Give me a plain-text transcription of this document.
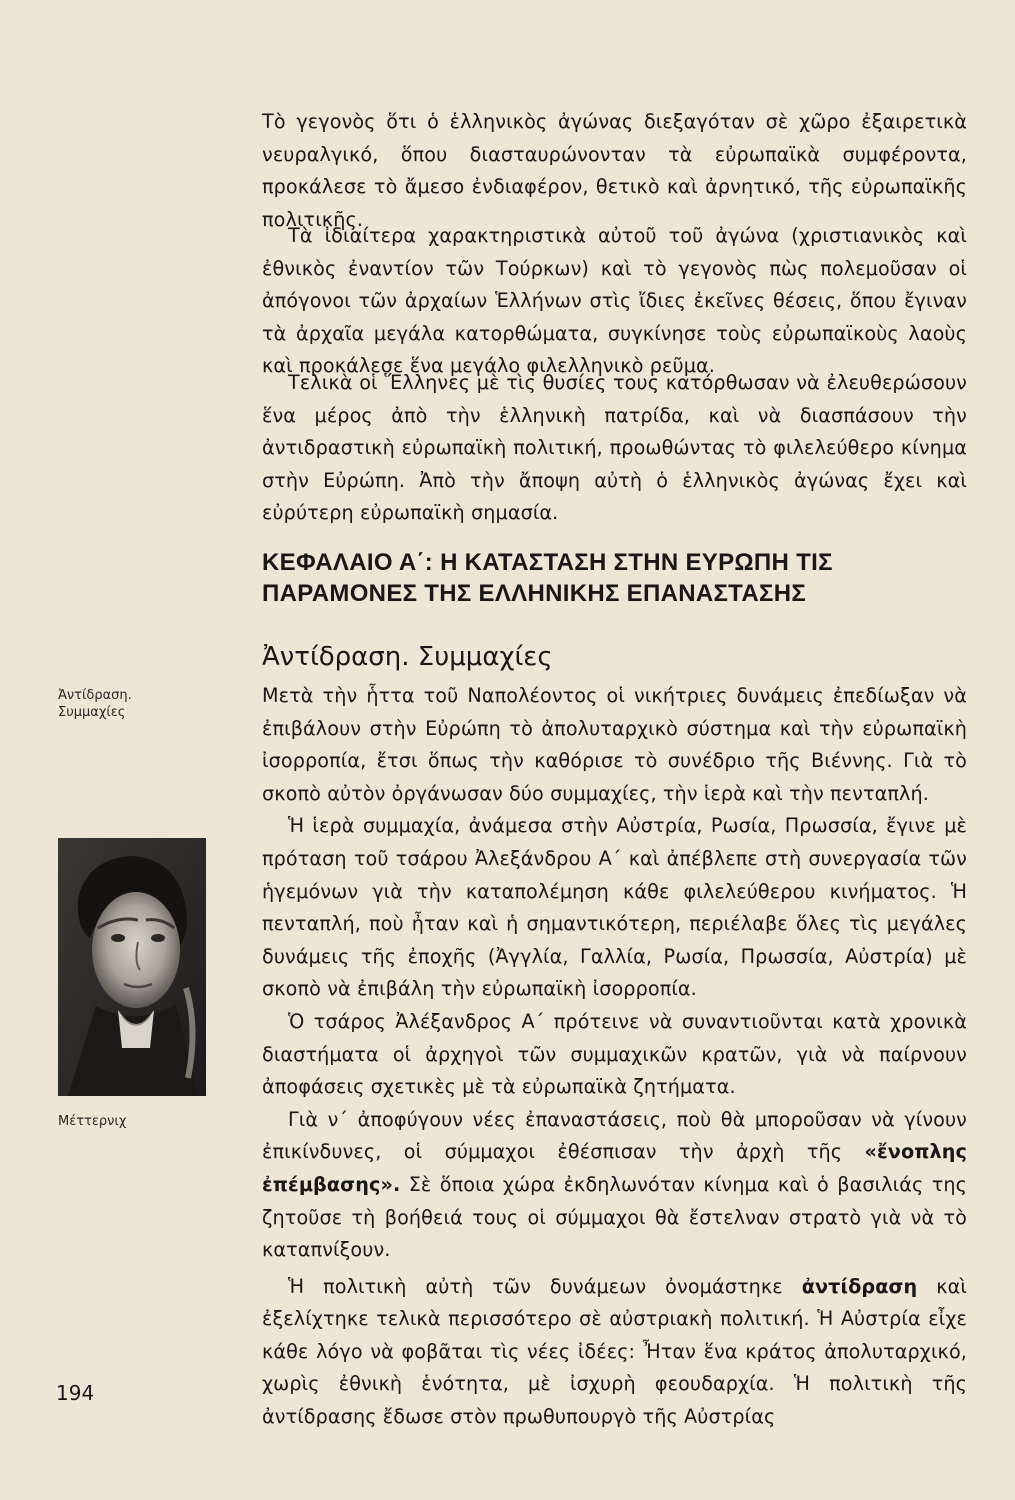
Τὸ γεγονὸς ὅτι ὁ ἑλληνικὸς ἀγώνας διεξαγόταν σὲ χῶρο ἐξαιρετικὰ νευραλγικό, ὅπου διασταυρώνονταν τὰ εὐρωπαϊκὰ συμφέροντα, προκάλεσε τὸ ἄμεσο ἐνδιαφέρον, θετικὸ καὶ ἀρνητικό, τῆς εὐρωπαϊκῆς πολιτικῆς.

Τὰ ἰδιαίτερα χαρακτηριστικὰ αὐτοῦ τοῦ ἀγώνα (χριστιανικὸς καὶ ἐθνικὸς ἐναντίον τῶν Τούρκων) καὶ τὸ γεγονὸς πὼς πολεμοῦσαν οἱ ἀπόγονοι τῶν ἀρχαίων Ἑλλήνων στὶς ἴδιες ἐκεῖνες θέσεις, ὅπου ἔγιναν τὰ ἀρχαῖα μεγάλα κατορθώματα, συγκίνησε τοὺς εὐρωπαϊκοὺς λαοὺς καὶ προκάλεσε ἕνα μεγάλο φιλελληνικὸ ρεῦμα.

Τελικὰ οἱ Ἕλληνες μὲ τὶς θυσίες τους κατόρθωσαν νὰ ἐλευθερώσουν ἕνα μέρος ἀπὸ τὴν ἑλληνικὴ πατρίδα, καὶ νὰ διασπάσουν τὴν ἀντιδραστικὴ εὐρωπαϊκὴ πολιτική, προωθώντας τὸ φιλελεύθερο κίνημα στὴν Εὐρώπη. Ἀπὸ τὴν ἄποψη αὐτὴ ὁ ἑλληνικὸς ἀγώνας ἔχει καὶ εὐρύτερη εὐρωπαϊκὴ σημασία.

ΚΕΦΑΛΑΙΟ Α΄: Η ΚΑΤΑΣΤΑΣΗ ΣΤΗΝ ΕΥΡΩΠΗ ΤΙΣ ΠΑΡΑΜΟΝΕΣ ΤΗΣ ΕΛΛΗΝΙΚΗΣ ΕΠΑΝΑΣΤΑΣΗΣ
Ἀντίδραση. Συμμαχίες

Μετὰ τὴν ἧττα τοῦ Ναπολέοντος οἱ νικήτριες δυνάμεις ἐπεδίωξαν νὰ ἐπιβάλουν στὴν Εὐρώπη τὸ ἀπολυταρχικὸ σύστημα καὶ τὴν εὐρωπαϊκὴ ἰσορροπία, ἔτσι ὅπως τὴν καθόρισε τὸ συνέδριο τῆς Βιέννης. Γιὰ τὸ σκοπὸ αὐτὸν ὀργάνωσαν δύο συμμαχίες, τὴν ἱερὰ καὶ τὴν πενταπλή.

Ἡ ἱερὰ συμμαχία, ἀνάμεσα στὴν Αὐστρία, Ρωσία, Πρωσσία, ἔγινε μὲ πρόταση τοῦ τσάρου Ἀλεξάνδρου Α΄ καὶ ἀπέβλεπε στὴ συνεργασία τῶν ἡγεμόνων γιὰ τὴν καταπολέμηση κάθε φιλελεύθερου κινήματος. Ἡ πενταπλή, ποὺ ἦταν καὶ ἡ σημαντικότερη, περιέλαβε ὅλες τὶς μεγάλες δυνάμεις τῆς ἐποχῆς (Ἀγγλία, Γαλλία, Ρωσία, Πρωσσία, Αὐστρία) μὲ σκοπὸ νὰ ἐπιβάλη τὴν εὐρωπαϊκὴ ἰσορροπία.

Ὁ τσάρος Ἀλέξανδρος Α΄ πρότεινε νὰ συναντιοῦνται κατὰ χρονικὰ διαστήματα οἱ ἀρχηγοὶ τῶν συμμαχικῶν κρατῶν, γιὰ νὰ παίρνουν ἀποφάσεις σχετικὲς μὲ τὰ εὐρωπαϊκὰ ζητήματα.

Γιὰ ν΄ ἀποφύγουν νέες ἐπαναστάσεις, ποὺ θὰ μποροῦσαν νὰ γίνουν ἐπικίνδυνες, οἱ σύμμαχοι ἐθέσπισαν τὴν ἀρχὴ τῆς «ἔνοπλης ἐπέμβασης». Σὲ ὅποια χώρα ἐκδηλωνόταν κίνημα καὶ ὁ βασιλιάς της ζητοῦσε τὴ βοήθειά τους οἱ σύμμαχοι θὰ ἔστελναν στρατὸ γιὰ νὰ τὸ καταπνίξουν.

Ἡ πολιτικὴ αὐτὴ τῶν δυνάμεων ὀνομάστηκε ἀντίδραση καὶ ἐξελίχτηκε τελικὰ περισσότερο σὲ αὐστριακὴ πολιτική. Ἡ Αὐστρία εἶχε κάθε λόγο νὰ φοβᾶται τὶς νέες ἰδέες: Ἦταν ἕνα κράτος ἀπολυταρχικό, χωρὶς ἐθνικὴ ἑνότητα, μὲ ἰσχυρὴ φεουδαρχία. Ἡ πολιτικὴ τῆς ἀντίδρασης ἔδωσε στὸν πρωθυπουργὸ τῆς Αὐστρίας

Ἀντίδραση. Συμμαχίες
Μέττερνιχ
194
